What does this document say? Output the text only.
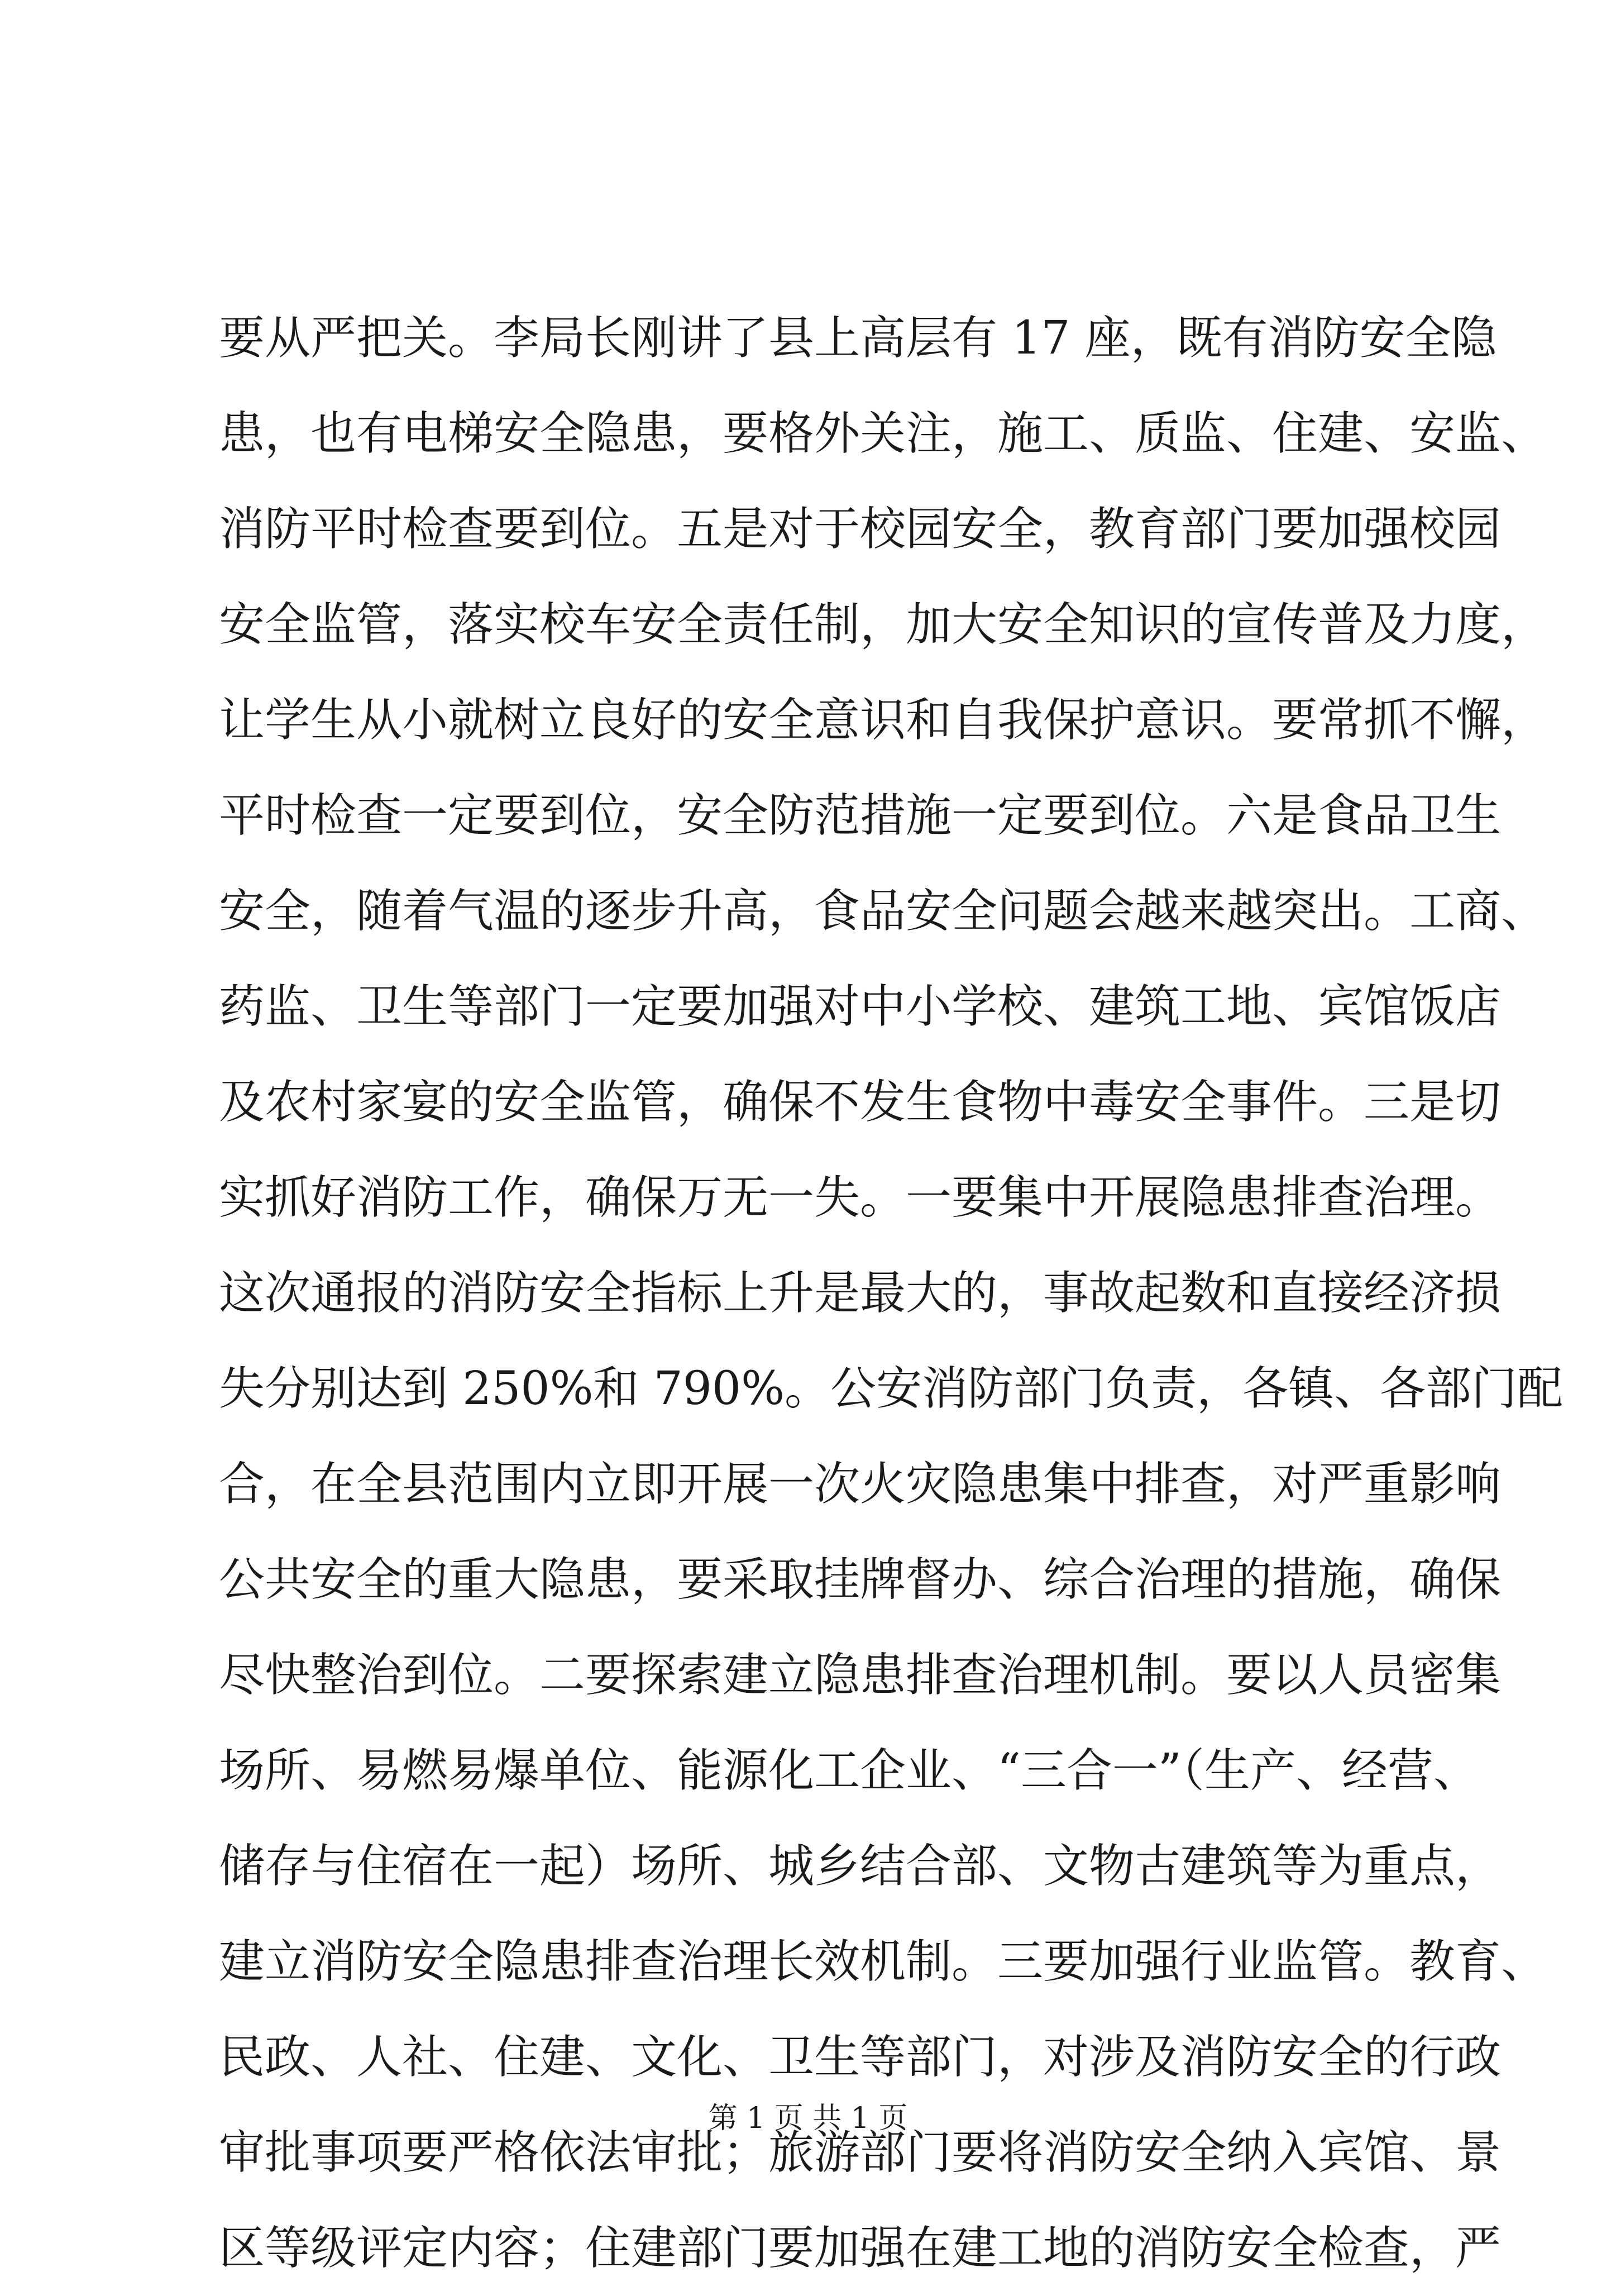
要从严把关。李局长刚讲了县上高层有 17 座，既有消防安全隐
患，也有电梯安全隐患，要格外关注，施工、质监、住建、安监、
消防平时检查要到位。五是对于校园安全，教育部门要加强校园
安全监管，落实校车安全责任制，加大安全知识的宣传普及力度，
让学生从小就树立良好的安全意识和自我保护意识。要常抓不懈，
平时检查一定要到位，安全防范措施一定要到位。六是食品卫生
安全，随着气温的逐步升高，食品安全问题会越来越突出。工商、
药监、卫生等部门一定要加强对中小学校、建筑工地、宾馆饭店
及农村家宴的安全监管，确保不发生食物中毒安全事件。三是切
实抓好消防工作，确保万无一失。一要集中开展隐患排查治理。
这次通报的消防安全指标上升是最大的，事故起数和直接经济损
失分别达到 250%和 790%。公安消防部门负责，各镇、各部门配
合，在全县范围内立即开展一次火灾隐患集中排查，对严重影响
公共安全的重大隐患，要采取挂牌督办、综合治理的措施，确保
尽快整治到位。二要探索建立隐患排查治理机制。要以人员密集
场所、易燃易爆单位、能源化工企业、“三合一”（生产、经营、
储存与住宿在一起）场所、城乡结合部、文物古建筑等为重点，
建立消防安全隐患排查治理长效机制。三要加强行业监管。教育、
民政、人社、住建、文化、卫生等部门，对涉及消防安全的行政
审批事项要严格依法审批；旅游部门要将消防安全纳入宾馆、景
区等级评定内容；住建部门要加强在建工地的消防安全检查，严
第 1 页 共 1 页
